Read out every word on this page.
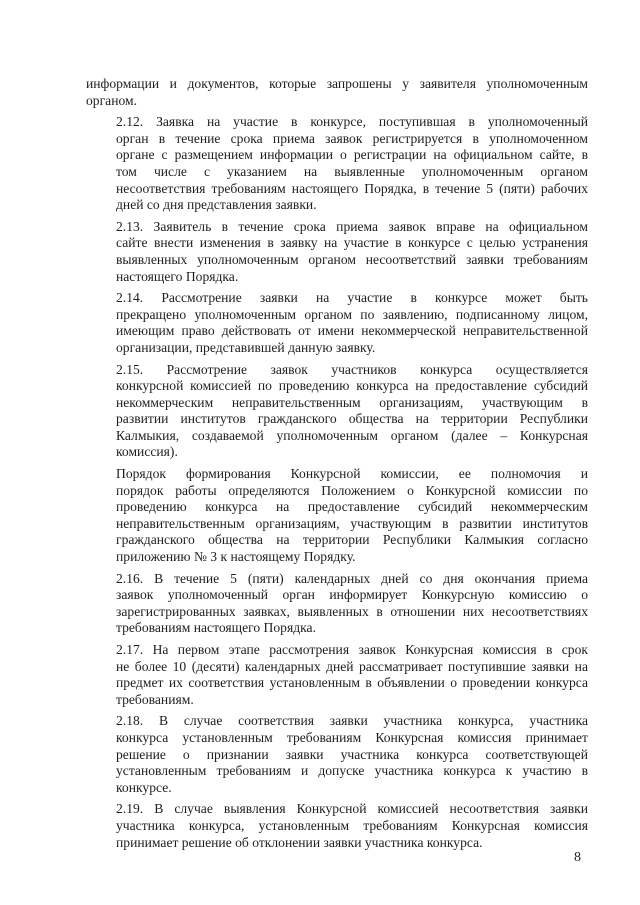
информации и документов, которые запрошены у заявителя уполномоченным
органом.

2.12. Заявка на участие в конкурсе, поступившая в уполномоченный
орган в течение срока приема заявок регистрируется в уполномоченном
органе с размещением информации о регистрации на официальном сайте, в
том числе с указанием на выявленные уполномоченным органом
несоответствия требованиям настоящего Порядка, в течение 5 (пяти) рабочих
дней со дня представления заявки.

2.13. Заявитель в течение срока приема заявок вправе на официальном
сайте внести изменения в заявку на участие в конкурсе с целью устранения
выявленных уполномоченным органом несоответствий заявки требованиям
настоящего Порядка.

2.14. Рассмотрение заявки на участие в конкурсе может быть
прекращено уполномоченным органом по заявлению, подписанному лицом,
имеющим право действовать от имени некоммерческой неправительственной
организации, представившей данную заявку.

2.15. Рассмотрение заявок участников конкурса осуществляется
конкурсной комиссией по проведению конкурса на предоставление субсидий
некоммерческим неправительственным организациям, участвующим в
развитии институтов гражданского общества на территории Республики
Калмыкия, создаваемой уполномоченным органом (далее – Конкурсная
комиссия).

Порядок формирования Конкурсной комиссии, ее полномочия и
порядок работы определяются Положением о Конкурсной комиссии по
проведению конкурса на предоставление субсидий некоммерческим
неправительственным организациям, участвующим в развитии институтов
гражданского общества на территории Республики Калмыкия согласно
приложению № 3 к настоящему Порядку.

2.16. В течение 5 (пяти) календарных дней со дня окончания приема
заявок уполномоченный орган информирует Конкурсную комиссию о
зарегистрированных заявках, выявленных в отношении них несоответствиях
требованиям настоящего Порядка.

2.17. На первом этапе рассмотрения заявок Конкурсная комиссия в срок
не более 10 (десяти) календарных дней рассматривает поступившие заявки на
предмет их соответствия установленным в объявлении о проведении конкурса
требованиям.

2.18. В случае соответствия заявки участника конкурса, участника
конкурса установленным требованиям Конкурсная комиссия принимает
решение о признании заявки участника конкурса соответствующей
установленным требованиям и допуске участника конкурса к участию в
конкурсе.

2.19. В случае выявления Конкурсной комиссией несоответствия заявки
участника конкурса, установленным требованиям Конкурсная комиссия
принимает решение об отклонении заявки участника конкурса.

8
